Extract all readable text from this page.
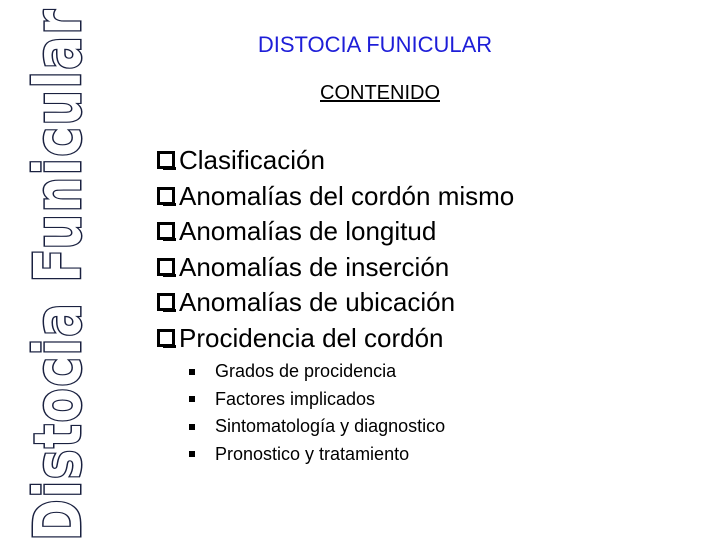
Distocia Funicular	DISTOCIA FUNICULAR
CONTENIDO
Clasificación
Anomalías del cordón mismo
Anomalías de longitud
Anomalías de inserción
Anomalías de ubicación
Procidencia del cordón
Grados de procidencia
Factores implicados
Sintomatología y diagnostico
Pronostico y tratamiento
